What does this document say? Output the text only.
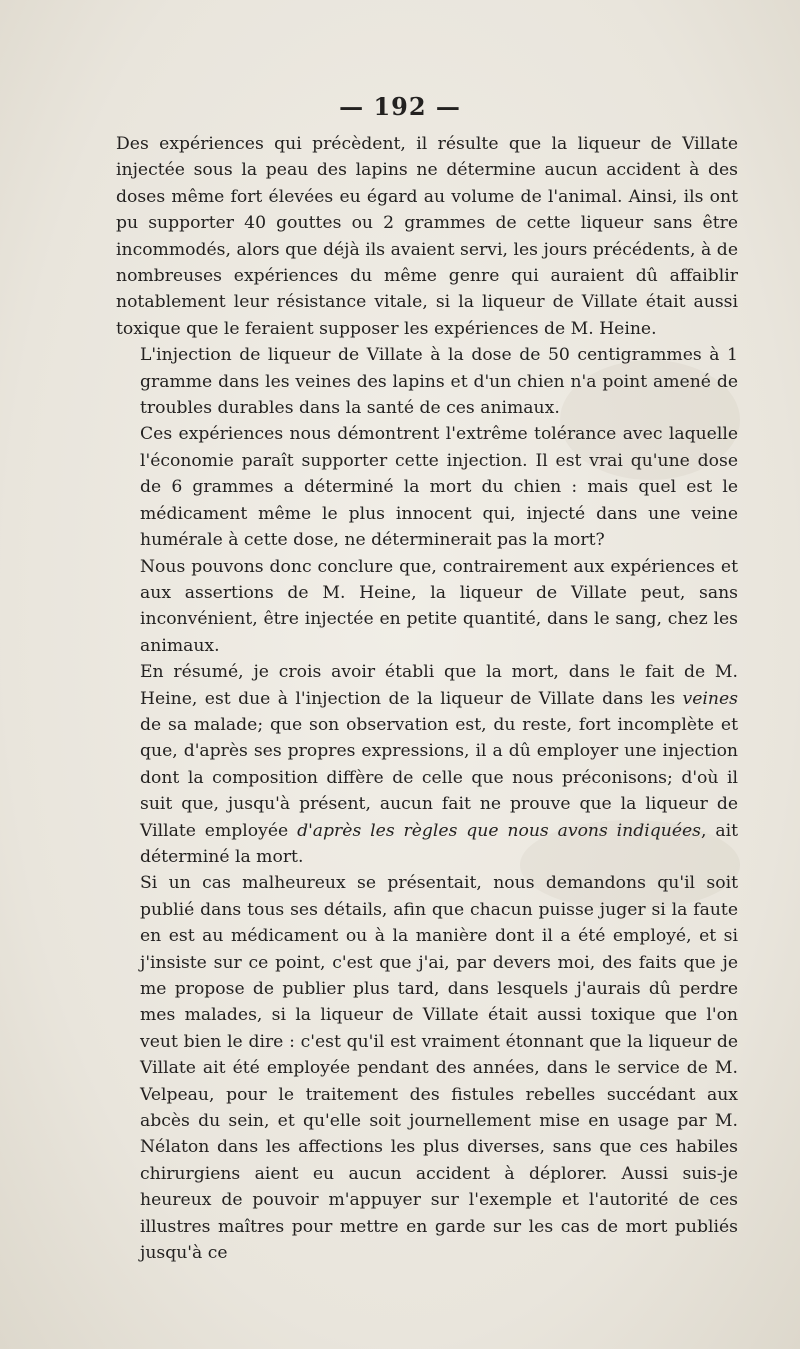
— 192 —

Des expériences qui précèdent, il résulte que la liqueur de Villate injectée sous la peau des lapins ne détermine aucun accident à des doses même fort élevées eu égard au volume de l'animal. Ainsi, ils ont pu supporter 40 gouttes ou 2 grammes de cette liqueur sans être incommodés, alors que déjà ils avaient servi, les jours précédents, à de nombreuses expériences du même genre qui auraient dû affaiblir notablement leur résistance vitale, si la liqueur de Villate était aussi toxique que le feraient supposer les expériences de M. Heine.

L'injection de liqueur de Villate à la dose de 50 centigrammes à 1 gramme dans les veines des lapins et d'un chien n'a point amené de troubles durables dans la santé de ces animaux.

Ces expériences nous démontrent l'extrême tolérance avec laquelle l'économie paraît supporter cette injection. Il est vrai qu'une dose de 6 grammes a déterminé la mort du chien : mais quel est le médicament même le plus innocent qui, injecté dans une veine humérale à cette dose, ne déterminerait pas la mort?

Nous pouvons donc conclure que, contrairement aux expériences et aux assertions de M. Heine, la liqueur de Villate peut, sans inconvénient, être injectée en petite quantité, dans le sang, chez les animaux.

En résumé, je crois avoir établi que la mort, dans le fait de M. Heine, est due à l'injection de la liqueur de Villate dans les veines de sa malade; que son observation est, du reste, fort incomplète et que, d'après ses propres expressions, il a dû employer une injection dont la composition diffère de celle que nous préconisons; d'où il suit que, jusqu'à présent, aucun fait ne prouve que la liqueur de Villate employée d'après les règles que nous avons indiquées, ait déterminé la mort.

Si un cas malheureux se présentait, nous demandons qu'il soit publié dans tous ses détails, afin que chacun puisse juger si la faute en est au médicament ou à la manière dont il a été employé, et si j'insiste sur ce point, c'est que j'ai, par devers moi, des faits que je me propose de publier plus tard, dans lesquels j'aurais dû perdre mes malades, si la liqueur de Villate était aussi toxique que l'on veut bien le dire : c'est qu'il est vraiment étonnant que la liqueur de Villate ait été employée pendant des années, dans le service de M. Velpeau, pour le traitement des fistules rebelles succédant aux abcès du sein, et qu'elle soit journellement mise en usage par M. Nélaton dans les affections les plus diverses, sans que ces habiles chirurgiens aient eu aucun accident à déplorer. Aussi suis-je heureux de pouvoir m'appuyer sur l'exemple et l'autorité de ces illustres maîtres pour mettre en garde sur les cas de mort publiés jusqu'à ce
